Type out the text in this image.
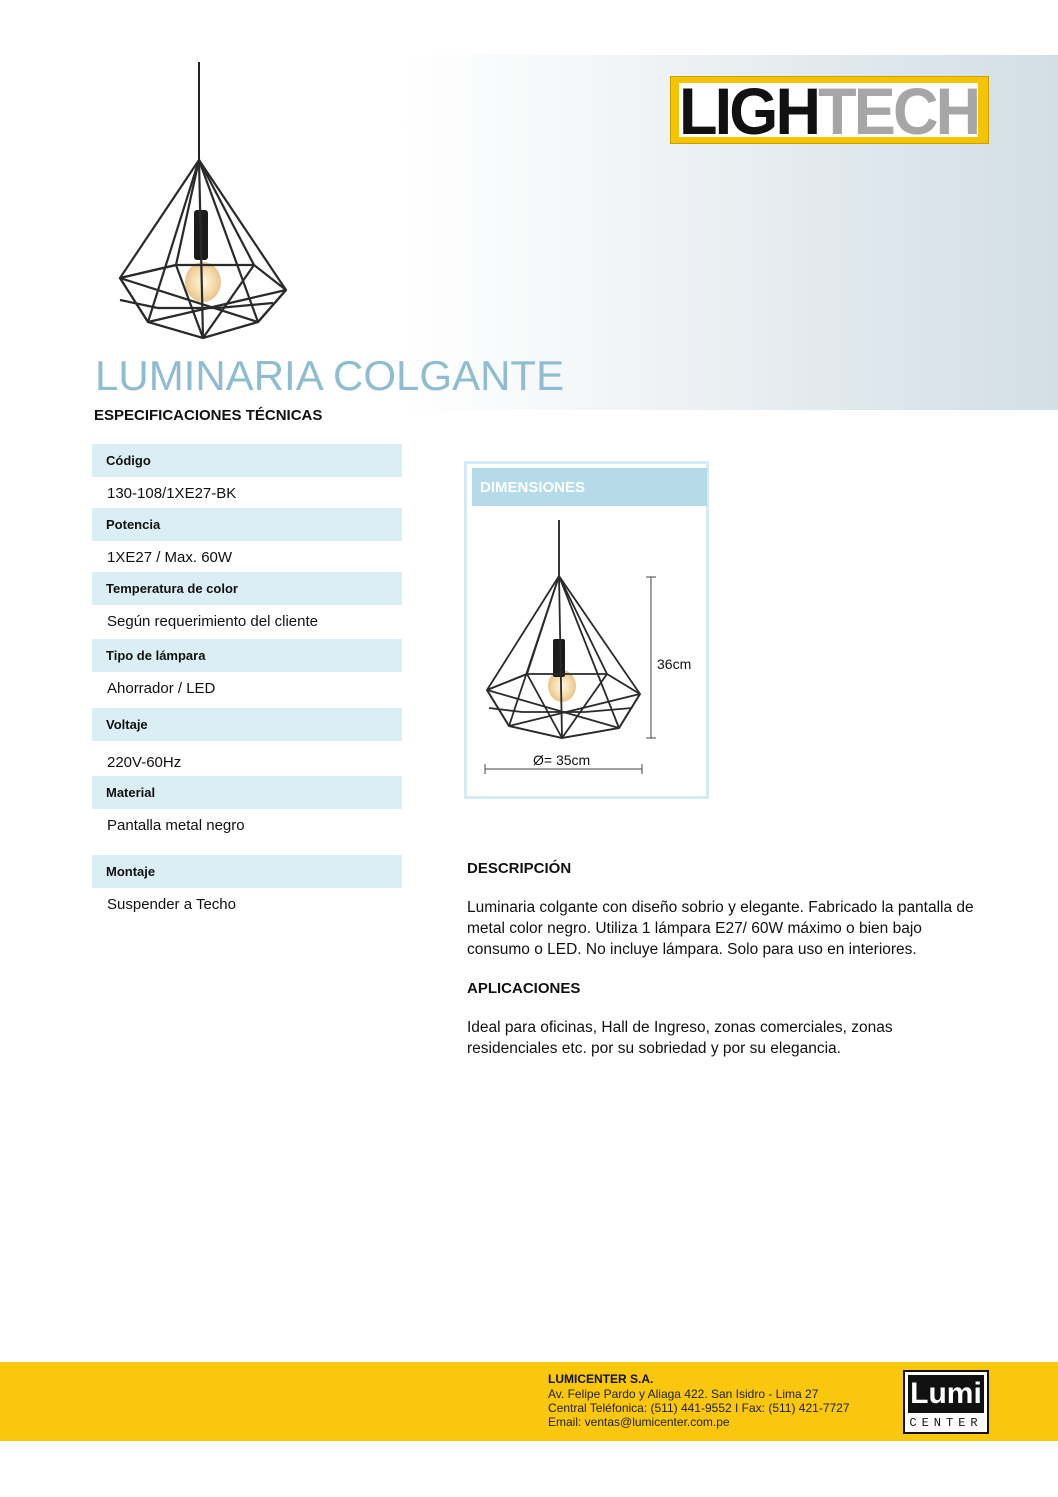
LIGHTECH
LUMINARIA COLGANTE
ESPECIFICACIONES TÉCNICAS
Código
130-108/1XE27-BK
Potencia
1XE27 / Max. 60W
Temperatura de color
Según requerimiento del cliente
Tipo de lámpara
Ahorrador / LED
Voltaje
220V-60Hz
Material
Pantalla metal negro
Montaje
Suspender a Techo
DIMENSIONES
36cm
Ø= 35cm
DESCRIPCIÓN
Luminaria colgante con diseño sobrio y elegante. Fabricado la pantalla de metal color negro. Utiliza 1 lámpara E27/ 60W máximo o bien bajo consumo o LED. No incluye lámpara. Solo para uso en interiores.
APLICACIONES
Ideal para oficinas, Hall de Ingreso, zonas comerciales, zonas residenciales etc. por su sobriedad y por su elegancia.
LUMICENTER S.A.
Av. Felipe Pardo y Aliaga 422. San Isidro - Lima 27
Central Teléfonica: (511) 441-9552 I Fax: (511) 421-7727
Email: ventas@lumicenter.com.pe
Lumi
CENTER
